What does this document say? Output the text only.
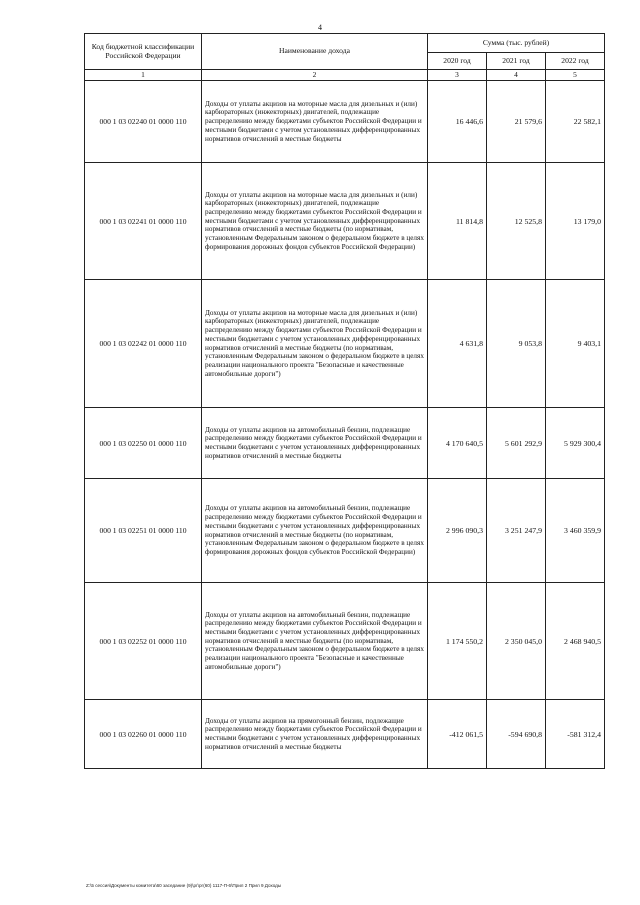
4
Код бюджетной классификации Российской Федерации	Наименование дохода	Сумма (тыс. рублей)		
		2020 год	2021 год	2022 год
1	2	3	4	5
000 1 03 02240 01 0000 110	Доходы от уплаты акцизов на моторные масла для дизельных и (или) карбюраторных (инжекторных) двигателей, подлежащие распределению между бюджетами субъектов Российской Федерации и местными бюджетами с учетом установленных дифференцированных нормативов отчислений в местные бюджеты	16 446,6	21 579,6	22 582,1
000 1 03 02241 01 0000 110	Доходы от уплаты акцизов на моторные масла для дизельных и (или) карбюраторных (инжекторных) двигателей, подлежащие распределению между бюджетами субъектов Российской Федерации и местными бюджетами с учетом установленных дифференцированных нормативов отчислений в местные бюджеты (по нормативам, установленным Федеральным законом о федеральном бюджете в целях формирования дорожных фондов субъектов Российской Федерации)	11 814,8	12 525,8	13 179,0
000 1 03 02242 01 0000 110	Доходы от уплаты акцизов на моторные масла для дизельных и (или) карбюраторных (инжекторных) двигателей, подлежащие распределению между бюджетами субъектов Российской Федерации и местными бюджетами с учетом установленных дифференцированных нормативов отчислений в местные бюджеты (по нормативам, установленным Федеральным законом о федеральном бюджете в целях реализации национального проекта "Безопасные и качественные автомобильные дороги")	4 631,8	9 053,8	9 403,1
000 1 03 02250 01 0000 110	Доходы от уплаты акцизов на автомобильный бензин, подлежащие распределению между бюджетами субъектов Российской Федерации и местными бюджетами с учетом установленных дифференцированных нормативов отчислений в местные бюджеты	4 170 640,5	5 601 292,9	5 929 300,4
000 1 03 02251 01 0000 110	Доходы от уплаты акцизов на автомобильный бензин, подлежащие распределению между бюджетами субъектов Российской Федерации и местными бюджетами с учетом установленных дифференцированных нормативов отчислений в местные бюджеты (по нормативам, установленным Федеральным законом о федеральном бюджете в целях формирования дорожных фондов субъектов Российской Федерации)	2 996 090,3	3 251 247,9	3 460 359,9
000 1 03 02252 01 0000 110	Доходы от уплаты акцизов на автомобильный бензин, подлежащие распределению между бюджетами субъектов Российской Федерации и местными бюджетами с учетом установленных дифференцированных нормативов отчислений в местные бюджеты (по нормативам, установленным Федеральным законом о федеральном бюджете в целях реализации национального проекта "Безопасные и качественные автомобильные дороги")	1 174 550,2	2 350 045,0	2 468 940,5
000 1 03 02260 01 0000 110	Доходы от уплаты акцизов на прямогонный бензин, подлежащие распределению между бюджетами субъектов Российской Федерации и местными бюджетами с учетом установленных дифференцированных нормативов отчислений в местные бюджеты	-412 061,5	-594 690,8	-581 312,4
Z:\5 сессия\Документы комитета\60 заседание (9)\рг\рг(60) 1117-П-6\Прил 2 Прил 9 Доходы
